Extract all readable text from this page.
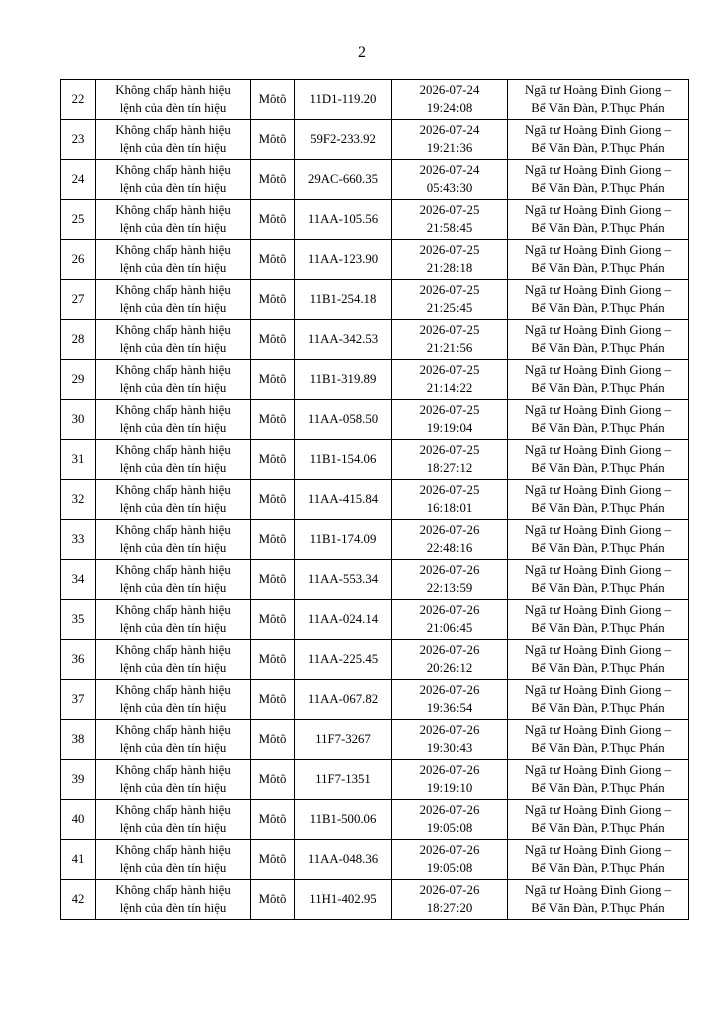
2
22	Không chấp hành hiệu
lệnh của đèn tín hiệu	Môtô	11D1-119.20	2026-07-24
19:24:08	Ngã tư Hoàng Đình Giong –
Bế Văn Đàn, P.Thục Phán

23	Không chấp hành hiệu
lệnh của đèn tín hiệu	Môtô	59F2-233.92	2026-07-24
19:21:36	Ngã tư Hoàng Đình Giong –
Bế Văn Đàn, P.Thục Phán

24	Không chấp hành hiệu
lệnh của đèn tín hiệu	Môtô	29AC-660.35	2026-07-24
05:43:30	Ngã tư Hoàng Đình Giong –
Bế Văn Đàn, P.Thục Phán

25	Không chấp hành hiệu
lệnh của đèn tín hiệu	Môtô	11AA-105.56	2026-07-25
21:58:45	Ngã tư Hoàng Đình Giong –
Bế Văn Đàn, P.Thục Phán

26	Không chấp hành hiệu
lệnh của đèn tín hiệu	Môtô	11AA-123.90	2026-07-25
21:28:18	Ngã tư Hoàng Đình Giong –
Bế Văn Đàn, P.Thục Phán

27	Không chấp hành hiệu
lệnh của đèn tín hiệu	Môtô	11B1-254.18	2026-07-25
21:25:45	Ngã tư Hoàng Đình Giong –
Bế Văn Đàn, P.Thục Phán

28	Không chấp hành hiệu
lệnh của đèn tín hiệu	Môtô	11AA-342.53	2026-07-25
21:21:56	Ngã tư Hoàng Đình Giong –
Bế Văn Đàn, P.Thục Phán

29	Không chấp hành hiệu
lệnh của đèn tín hiệu	Môtô	11B1-319.89	2026-07-25
21:14:22	Ngã tư Hoàng Đình Giong –
Bế Văn Đàn, P.Thục Phán

30	Không chấp hành hiệu
lệnh của đèn tín hiệu	Môtô	11AA-058.50	2026-07-25
19:19:04	Ngã tư Hoàng Đình Giong –
Bế Văn Đàn, P.Thục Phán

31	Không chấp hành hiệu
lệnh của đèn tín hiệu	Môtô	11B1-154.06	2026-07-25
18:27:12	Ngã tư Hoàng Đình Giong –
Bế Văn Đàn, P.Thục Phán

32	Không chấp hành hiệu
lệnh của đèn tín hiệu	Môtô	11AA-415.84	2026-07-25
16:18:01	Ngã tư Hoàng Đình Giong –
Bế Văn Đàn, P.Thục Phán

33	Không chấp hành hiệu
lệnh của đèn tín hiệu	Môtô	11B1-174.09	2026-07-26
22:48:16	Ngã tư Hoàng Đình Giong –
Bế Văn Đàn, P.Thục Phán

34	Không chấp hành hiệu
lệnh của đèn tín hiệu	Môtô	11AA-553.34	2026-07-26
22:13:59	Ngã tư Hoàng Đình Giong –
Bế Văn Đàn, P.Thục Phán

35	Không chấp hành hiệu
lệnh của đèn tín hiệu	Môtô	11AA-024.14	2026-07-26
21:06:45	Ngã tư Hoàng Đình Giong –
Bế Văn Đàn, P.Thục Phán

36	Không chấp hành hiệu
lệnh của đèn tín hiệu	Môtô	11AA-225.45	2026-07-26
20:26:12	Ngã tư Hoàng Đình Giong –
Bế Văn Đàn, P.Thục Phán

37	Không chấp hành hiệu
lệnh của đèn tín hiệu	Môtô	11AA-067.82	2026-07-26
19:36:54	Ngã tư Hoàng Đình Giong –
Bế Văn Đàn, P.Thục Phán

38	Không chấp hành hiệu
lệnh của đèn tín hiệu	Môtô	11F7-3267	2026-07-26
19:30:43	Ngã tư Hoàng Đình Giong –
Bế Văn Đàn, P.Thục Phán

39	Không chấp hành hiệu
lệnh của đèn tín hiệu	Môtô	11F7-1351	2026-07-26
19:19:10	Ngã tư Hoàng Đình Giong –
Bế Văn Đàn, P.Thục Phán

40	Không chấp hành hiệu
lệnh của đèn tín hiệu	Môtô	11B1-500.06	2026-07-26
19:05:08	Ngã tư Hoàng Đình Giong –
Bế Văn Đàn, P.Thục Phán

41	Không chấp hành hiệu
lệnh của đèn tín hiệu	Môtô	11AA-048.36	2026-07-26
19:05:08	Ngã tư Hoàng Đình Giong –
Bế Văn Đàn, P.Thục Phán

42	Không chấp hành hiệu
lệnh của đèn tín hiệu	Môtô	11H1-402.95	2026-07-26
18:27:20	Ngã tư Hoàng Đình Giong –
Bế Văn Đàn, P.Thục Phán
